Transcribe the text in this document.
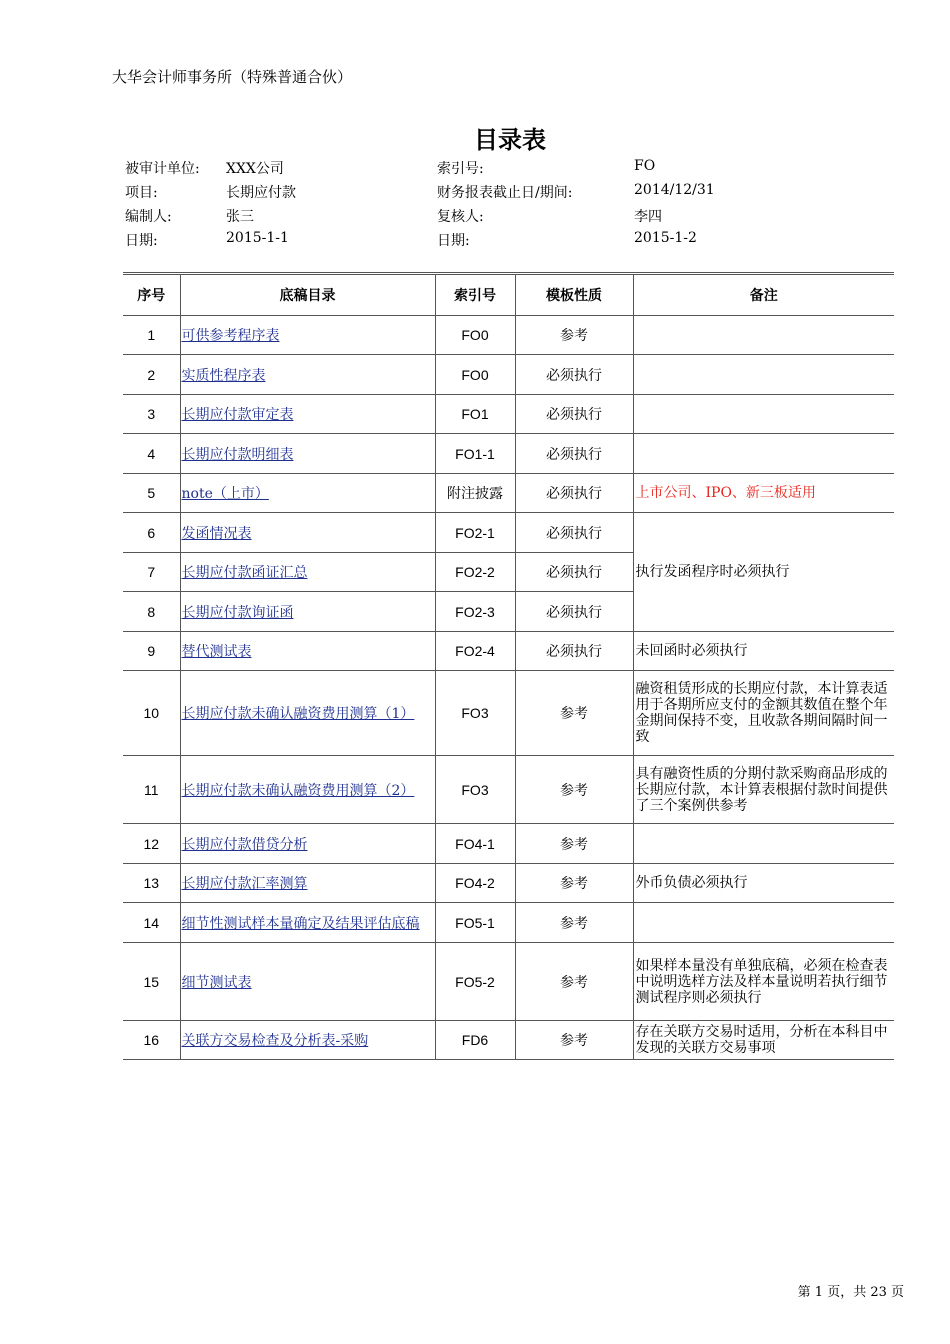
大华会计师事务所（特殊普通合伙）
目录表
被审计单位: XXX公司	索引号:	FO
项目:	长期应付款	财务报表截止日/期间:	2014/12/31
编制人:	张三	复核人:	李四
日期:	2015-1-1	日期:	2015-1-2
序号	底稿目录	索引号	模板性质	备注
1	可供参考程序表	FO0	参考	
2	实质性程序表	FO0	必须执行	
3	长期应付款审定表	FO1	必须执行	
4	长期应付款明细表	FO1-1	必须执行	
5	note（上市）	附注披露	必须执行	上市公司、IPO、新三板适用
6	发函情况表	FO2-1	必须执行	执行发函程序时必须执行
7	长期应付款函证汇总	FO2-2	必须执行	
8	长期应付款询证函	FO2-3	必须执行	
9	替代测试表	FO2-4	必须执行	未回函时必须执行
10	长期应付款未确认融资费用测算（1）	FO3	参考	融资租赁形成的长期应付款，本计算表适用于各期所应支付的金额其数值在整个年金期间保持不变，且收款各期间隔时间一致
11	长期应付款未确认融资费用测算（2）	FO3	参考	具有融资性质的分期付款采购商品形成的长期应付款，本计算表根据付款时间提供了三个案例供参考
12	长期应付款借贷分析	FO4-1	参考	
13	长期应付款汇率测算	FO4-2	参考	外币负债必须执行
14	细节性测试样本量确定及结果评估底稿	FO5-1	参考	
15	细节测试表	FO5-2	参考	如果样本量没有单独底稿，必须在检查表中说明选样方法及样本量说明若执行细节测试程序则必须执行
16	关联方交易检查及分析表-采购	FD6	参考	存在关联方交易时适用，分析在本科目中发现的关联方交易事项
第 1 页，共 23 页
